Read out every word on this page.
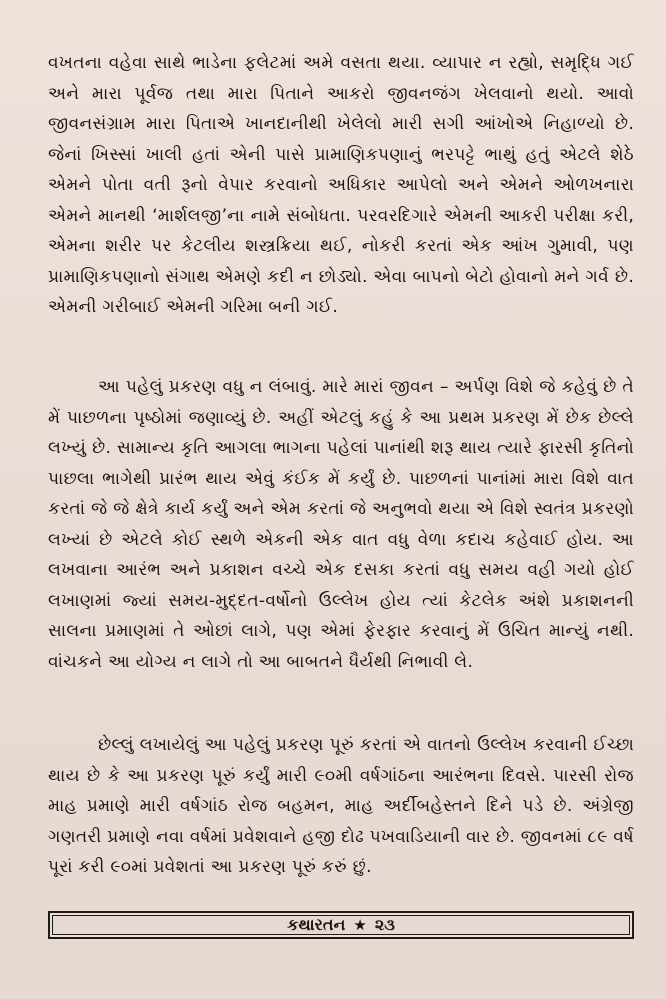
વખતના વહેવા સાથે ભાડેના ફલેટમાં અમે વસતા થયા. વ્યાપાર ન રહ્યો, સમૃદ્ધિ ગઈ અને મારા પૂર્વજ તથા મારા પિતાને આકરો જીવનજંગ ખેલવાનો થયો. આવો જીવનસંગ્રામ મારા પિતાએ ખાનદાનીથી ખેલેલો મારી સગી આંખોએ નિહાળ્યો છે. જેનાં ખિસ્સાં ખાલી હતાં એની પાસે પ્રામાણિકપણાનું ભરપટ્ટે ભાથું હતું એટલે શેઠે એમને પોતા વતી રૂનો વેપાર કરવાનો અધિકાર આપેલો અને એમને ઓળખનારા એમને માનથી ‘માર્શલજી’ના નામે સંબોધતા. પરવરદિગારે એમની આકરી પરીક્ષા કરી, એમના શરીર પર કેટલીય શસ્ત્રક્રિયા થઈ, નોકરી કરતાં એક આંખ ગુમાવી, પણ પ્રામાણિકપણાનો સંગાથ એમણે કદી ન છોડ્યો. એવા બાપનો બેટો હોવાનો મને ગર્વ છે. એમની ગરીબાઈ એમની ગરિમા બની ગઈ.

આ પહેલું પ્રકરણ વધુ ન લંબાવું. મારે મારાં જીવન – અર્પણ વિશે જે કહેવું છે તે મેં પાછળના પૃષ્ઠોમાં જણાવ્યું છે. અહીં એટલું કહું કે આ પ્રથમ પ્રકરણ મેં છેક છેલ્લે લખ્યું છે. સામાન્ય કૃતિ આગલા ભાગના પહેલાં પાનાંથી શરૂ થાય ત્યારે ફારસી કૃતિનો પાછલા ભાગેથી પ્રારંભ થાય એવું કંઈક મેં કર્યું છે. પાછળનાં પાનાંમાં મારા વિશે વાત કરતાં જે જે ક્ષેત્રે કાર્ય કર્યું અને એમ કરતાં જે અનુભવો થયા એ વિશે સ્વતંત્ર પ્રકરણો લખ્યાં છે એટલે કોઈ સ્થળે એકની એક વાત વધુ વેળા કદાચ કહેવાઈ હોય. આ લખવાના આરંભ અને પ્રકાશન વચ્ચે એક દસકા કરતાં વધુ સમય વહી ગયો હોઈ લખાણમાં જ્યાં સમય-મુદ્દત-વર્ષોનો ઉલ્લેખ હોય ત્યાં કેટલેક અંશે પ્રકાશનની સાલના પ્રમાણમાં તે ઓછાં લાગે, પણ એમાં ફેરફાર કરવાનું મેં ઉચિત માન્યું નથી. વાંચકને આ યોગ્ય ન લાગે તો આ બાબતને ધૈર્યથી નિભાવી લે.

છેલ્લું લખાયેલું આ પહેલું પ્રકરણ પૂરું કરતાં એ વાતનો ઉલ્લેખ કરવાની ઈચ્છા થાય છે કે આ પ્રકરણ પૂરું કર્યું મારી ૯૦મી વર્ષગાંઠના આરંભના દિવસે. પારસી રોજ માહ પ્રમાણે મારી વર્ષગાંઠ રોજ બહમન, માહ અર્દીબહેસ્તને દિને પડે છે. અંગ્રેજી ગણતરી પ્રમાણે નવા વર્ષમાં પ્રવેશવાને હજી દોઢ પખવાડિયાની વાર છે. જીવનમાં ૮૯ વર્ષ પૂરાં કરી ૯૦માં પ્રવેશતાં આ પ્રકરણ પૂરું કરું છું.

કથારતન ★ ૨૩
